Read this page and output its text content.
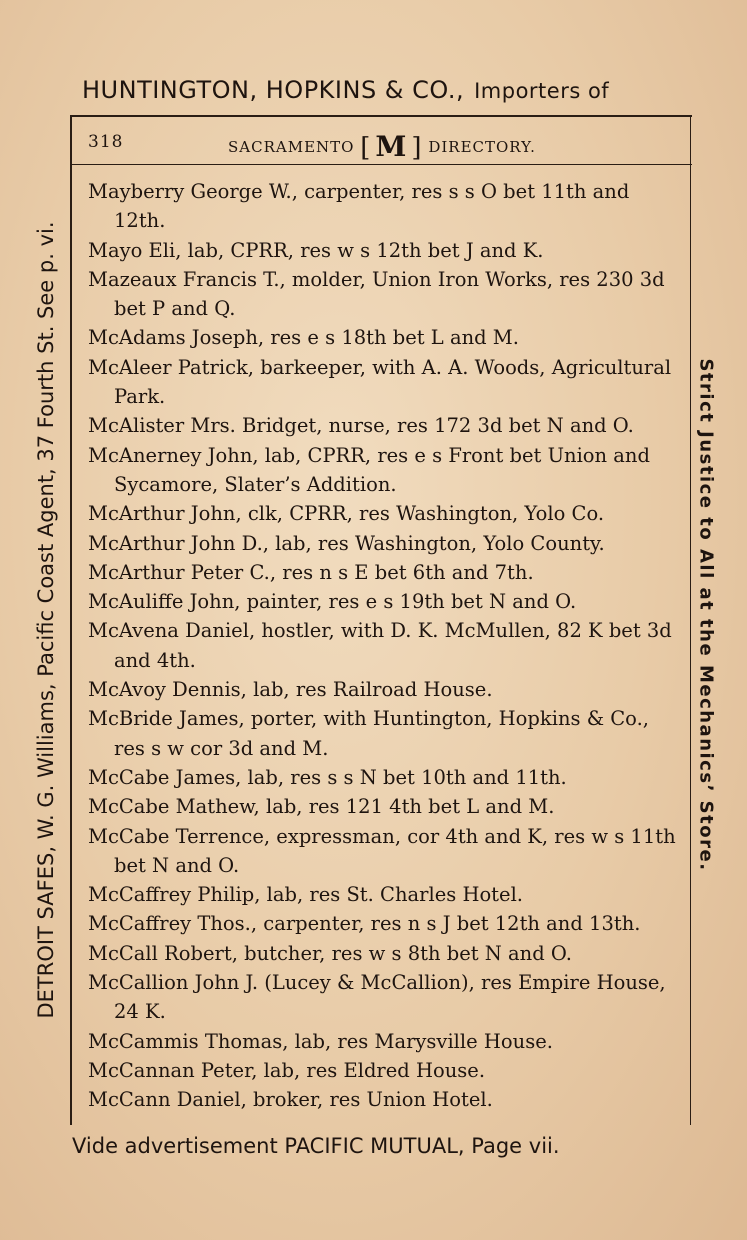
HUNTINGTON, HOPKINS & CO., Importers of
318	SACRAMENTO [ M ] DIRECTORY.

Mayberry George W., carpenter, res s s O bet 11th and 12th.

Mayo Eli, lab, CPRR, res w s 12th bet J and K.

Mazeaux Francis T., molder, Union Iron Works, res 230 3d bet P and Q.

McAdams Joseph, res e s 18th bet L and M.

McAleer Patrick, barkeeper, with A. A. Woods, Agricultural Park.

McAlister Mrs. Bridget, nurse, res 172 3d bet N and O.

McAnerney John, lab, CPRR, res e s Front bet Union and Sycamore, Slater’s Addition.

McArthur John, clk, CPRR, res Washington, Yolo Co.

McArthur John D., lab, res Washington, Yolo County.

McArthur Peter C., res n s E bet 6th and 7th.

McAuliffe John, painter, res e s 19th bet N and O.

McAvena Daniel, hostler, with D. K. McMullen, 82 K bet 3d and 4th.

McAvoy Dennis, lab, res Railroad House.

McBride James, porter, with Huntington, Hopkins & Co., res s w cor 3d and M.

McCabe James, lab, res s s N bet 10th and 11th.

McCabe Mathew, lab, res 121 4th bet L and M.

McCabe Terrence, expressman, cor 4th and K, res w s 11th bet N and O.

McCaffrey Philip, lab, res St. Charles Hotel.

McCaffrey Thos., carpenter, res n s J bet 12th and 13th.

McCall Robert, butcher, res w s 8th bet N and O.

McCallion John J. (Lucey & McCallion), res Empire House, 24 K.

McCammis Thomas, lab, res Marysville House.

McCannan Peter, lab, res Eldred House.

McCann Daniel, broker, res Union Hotel.

Vide advertisement PACIFIC MUTUAL, Page vii.
DETROIT SAFES, W. G. Williams, Pacific Coast Agent, 37 Fourth St. See p. vi.	Strict Justice to All at the Mechanics’ Store.
